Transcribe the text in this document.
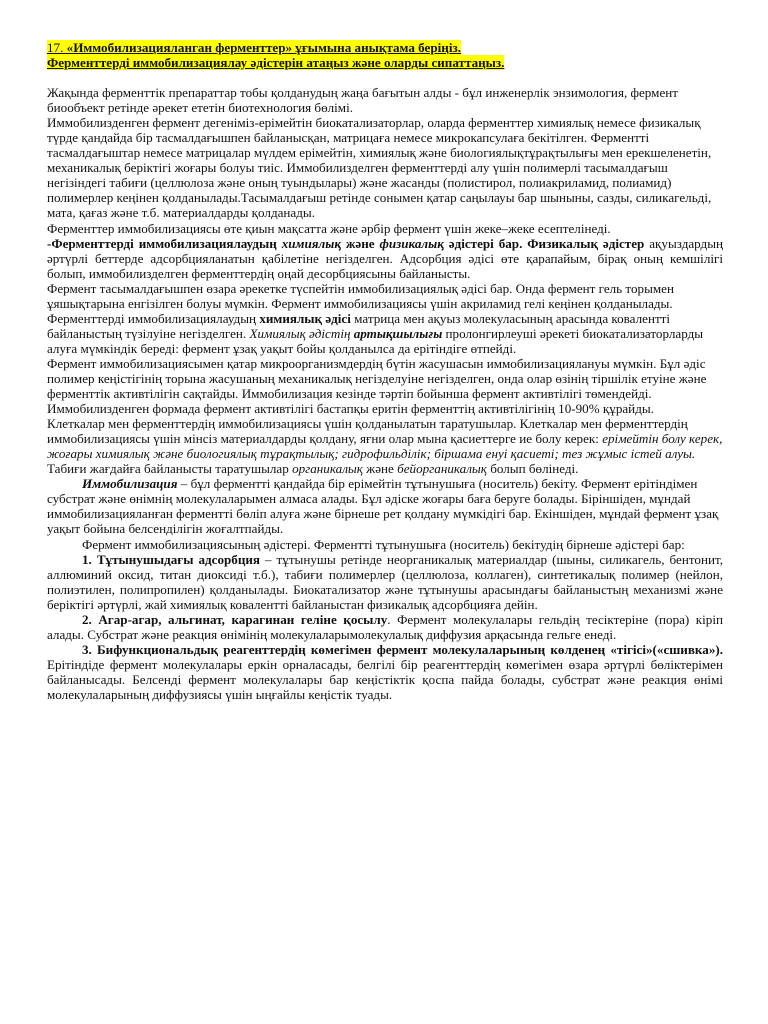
17. «Иммобилизацияланган ферменттер» ұғымына анықтама беріңіз.
Ферменттерді иммобилизациялау әдістерін атаңыз және оларды сипаттаңыз.

Жақында ферменттік препараттар тобы қолданудың жаңа бағытын алды - бұл инженерлік энзимология, фермент биообъект ретінде әрекет ететін биотехнология бөлімі.

Иммобилизденген фермент дегеніміз-ерімейтін биокатализаторлар, оларда ферменттер химиялық немесе физикалық түрде қандайда бір тасмалдағышпен байланысқан, матрицаға немесе микрокапсулаға бекітілген. Ферментті тасмалдағыштар немесе матрицалар мүлдем ерімейтін, химиялық және биологиялықтұрақтылығы мен ерекшеленетін, механикалық беріктігі жоғары болуы тиіс. Иммобилизделген ферменттерді алу үшін полимерлі тасымалдағыш негізіндегі табиғи (целлюлоза және оның туындылары) және жасанды (полистирол, полиакриламид, полиамид) полимерлер кеңінен қолданылады.Тасымалдағыш ретінде сонымен қатар саңылауы бар шыныны, сазды, силикагельді, мата, қағаз және т.б. материалдарды қолданады.

Ферменттер иммобилизациясы өте қиын мақсатта және әрбір фермент үшін жеке–жеке есептелінеді.

-Ферменттерді иммобилизациялаудың химиялық және физикалық әдістері бар. Физикалық әдістер ақуыздардың әртүрлі беттерде адсорбцияланатын қабілетіне негізделген. Адсорбция әдісі өте қарапайым, бірақ оның кемшілігі болып, иммобилизделген ферменттердің оңай десорбциясыны байланысты.

Фермент тасымалдағышпен өзара әрекетке түспейтін иммобилизациялық әдісі бар. Онда фермент гель торымен ұяшықтарына енгізілген болуы мүмкін. Фермент иммобилизациясы үшін акриламид гелі кеңінен қолданылады.

Ферменттерді иммобилизациялаудың химиялық әдісі матрица мен ақуыз молекуласының арасында коваленттi байланыстың түзілуіне негізделген. Химиялық әдістің артықшылығы пролонгирлеуші әрекеті биокатализаторларды алуға мүмкіндік береді: фермент ұзақ уақыт бойы қолданылса да ерітіндіге өтпейді.

Фермент иммобилизациясымен қатар микроорганизмдердің бүтін жасушасын иммобилизациялануы мүмкін. Бұл әдіс полимер кеңістігінің торына жасушаның механикалық негізделуіне негізделген, онда олар өзінің тіршілік етуіне және ферменттік активтілігін сақтайды. Иммобилизация кезінде тәртіп бойынша фермент активтілігі төмендейді. Иммобилизденген формада фермент активтілігі бастапқы еритін ферменттің активтілігінің 10-90% құрайды.

Клеткалар мен ферменттердің иммобилизациясы үшін қолданылатын таратушылар. Клеткалар мен ферменттердің иммобилизациясы үшін мінсіз материалдарды қолдану, яғни олар мына қасиеттерге ие болу керек: ерімейтін болу керек, жоғары химиялық және биологиялық тұрақтылық; гидрофильділік; біршама енуі қасиеті; тез жұмыс істей алуы. Табиғи жағдайға байланысты таратушылар органикалық және бейорганикалық болып бөлінеді.

Иммобилизация – бұл ферментті қандайда бір ерімейтін тұтынушыға (носитель) бекіту. Фермент ерітіндімен субстрат және өнімнің молекулаларымен алмаса алады. Бұл әдіске жоғары баға беруге болады. Біріншіден, мұндай иммобилизацияланған ферментті бөліп алуға және бірнеше рет қолдану мүмкідігі бар. Екіншіден, мұндай фермент ұзақ уақыт бойына белсенділігін жоғалтпайды.

Фермент иммобилизациясының әдістері. Ферментті тұтынушыға (носитель) бекітудің бірнеше әдістері бар:

1. Тұтынушыдағы адсорбция – тұтынушы ретінде неорганикалық материалдар (шыны, силикагель, бентонит, аллюминий оксид, титан диоксиді т.б.), табиғи полимерлер (целлюлоза, коллаген), синтетикалық полимер (нейлон, полиэтилен, полипропилен) қолданылады. Биокатализатор және тұтынушы арасындағы байланыстың механизмі және беріктігі әртүрлі, жай химиялық ковалентті байланыстан физикалық адсорбцияға дейін.

2. Агар-агар, альгинат, карагинан геліне қосылу. Фермент молекулалары гельдің тесіктеріне (пора) кіріп алады. Субстрат және реакция өнімінің молекулаларымолекулалық диффузия арқасында гельге енеді.

3. Бифункциональдық реагенттердің көмегімен фермент молекулаларының көлденең «тігісі»(«сшивка»). Ерітіндіде фермент молекулалары еркін орналасады, белгілі бір реагенттердің көмегімен өзара әртүрлі бөліктерімен байланысады. Белсенді фермент молекулалары бар кеңістіктік қоспа пайда болады, субстрат және реакция өнімі молекулаларының диффузиясы үшін ыңғайлы кеңістік туады.
